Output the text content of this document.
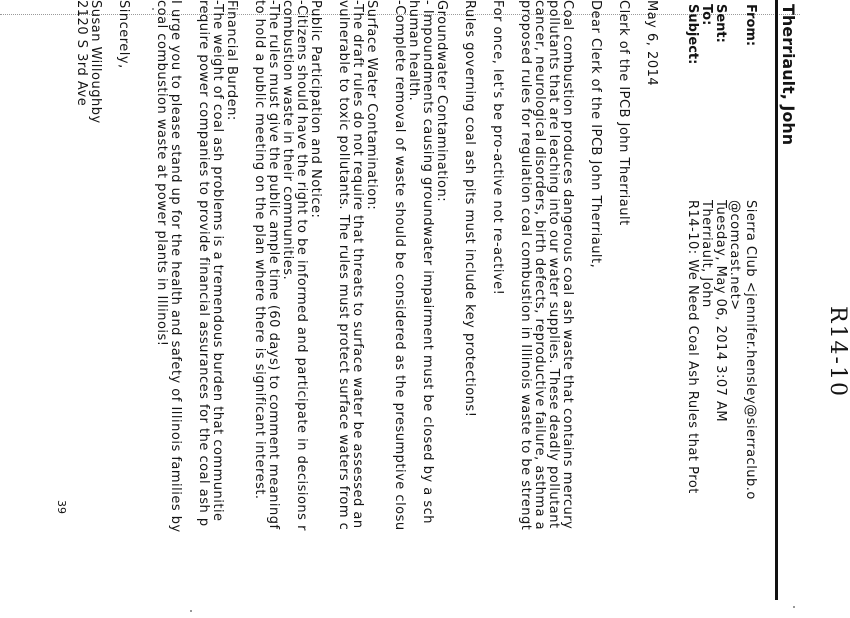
R14-10
Therriault, John
From:
Sierra Club <jennifer.hensley@sierraclub.o
@comcast.net>
Sent:
Tuesday, May 06, 2014 3:07 AM
To:
Therriault, John
Subject:
R14-10: We Need Coal Ash Rules that Prot
May 6, 2014
Clerk of the IPCB John Therriault
Dear Clerk of the IPCB John Therriault,
Coal combustion produces dangerous coal ash waste that contains mercury
pollutants that are leaching into our water supplies. These deadly pollutant
cancer, neurological disorders, birth defects, reproductive failure, asthma a
proposed rules for regulation coal combustion in Illinois waste to be strengt
For once, let's be pro-active not re-active!
Rules governing coal ash pits must include key protections!
Groundwater Contamination:
- Impoundments causing groundwater impairment must be closed by a sch
human health.
-Complete removal of waste should be considered as the presumptive closu
Surface Water Contamination:
-The draft rules do not require that threats to surface water be assessed an
vulnerable to toxic pollutants. The rules must protect surface waters from c
Public Participation and Notice:
-Citizens should have the right to be informed and participate in decisions r
combustion waste in their communities.
-The rules must give the public ample time (60 days) to comment meaningf
to hold a public meeting on the plan where there is significant interest.
Financial Burden:
-The weight of coal ash problems is a tremendous burden that communitie
require power companies to provide financial assurances for the coal ash p
I urge you to please stand up for the health and safety of Illinois families by
coal combustion waste at power plants in Illinois!
Sincerely,
Susan Willoughby
2120 S 3rd Ave
39
